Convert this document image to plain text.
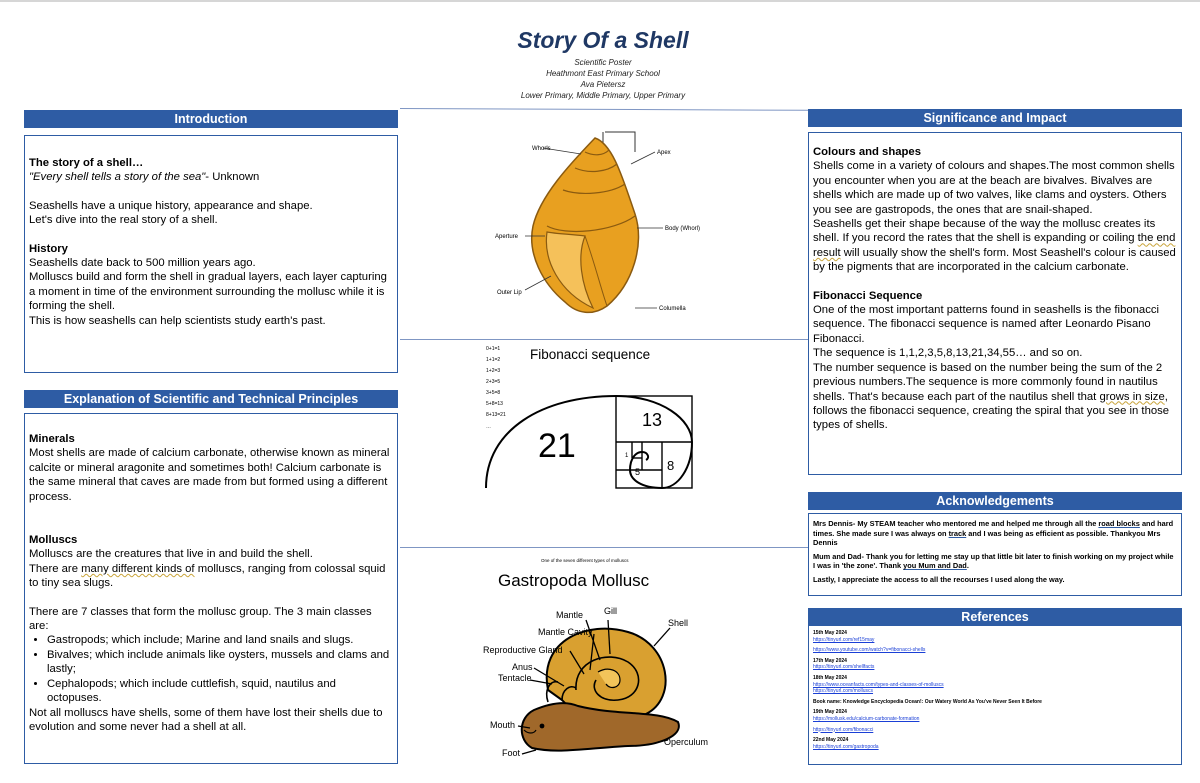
Story Of a Shell
Scientific Poster
Heathmont East Primary School
Ava Pietersz
Lower Primary, Middle Primary, Upper Primary
Introduction

The story of a shell…

"Every shell tells a story of the sea"- Unknown

Seashells have a unique history, appearance and shape.

Let's dive into the real story of a shell.

History

Seashells date back to 500 million years ago.

Molluscs build and form the shell in gradual layers, each layer capturing a moment in time of the environment surrounding the mollusc while it is forming the shell.

This is how seashells can help scientists study earth's past.

Explanation of Scientific and Technical Principles

Minerals

Most shells are made of calcium carbonate, otherwise known as mineral calcite or mineral aragonite and sometimes both! Calcium carbonate is the same mineral that caves are made from but formed using a different process.

Molluscs

Molluscs are the creatures that live in and build the shell.

There are many different kinds of molluscs, ranging from colossal squid to tiny sea slugs.

There are 7 classes that form the mollusc group. The 3 main classes are:

• Gastropods; which include; Marine and land snails and slugs.
• Bivalves; which include animals like oysters, mussels and clams and lastly;
• Cephalopods; which include cuttlefish, squid, nautilus and octopuses.

Not all molluscs have shells, some of them have lost their shells due to evolution and some never had a shell at all.

Significance and Impact

Colours and shapes

Shells come in a variety of colours and shapes.The most common shells you encounter when you are at the beach are bivalves. Bivalves are shells which are made up of two valves, like clams and oysters. Others you see are gastropods, the ones that are snail-shaped.

Seashells get their shape because of the way the mollusc creates its shell. If you record the rates that the shell is expanding or coiling the end result will usually show the shell's form. Most Seashell's colour is caused by the pigments that are incorporated in the calcium carbonate.

Fibonacci Sequence

One of the most important patterns found in seashells is the fibonacci sequence. The fibonacci sequence is named after Leonardo Pisano Fibonacci.

The sequence is 1,1,2,3,5,8,13,21,34,55… and so on.

The number sequence is based on the number being the sum of the 2 previous numbers.The sequence is more commonly found in nautilus shells. That's because each part of the nautilus shell that grows in size, follows the fibonacci sequence, creating the spiral that you see in those types of shells.

Acknowledgements

Mrs Dennis- My STEAM teacher who mentored me and helped me through all the road blocks and hard times. She made sure I was always on track and I was being as efficient as possible. Thankyou Mrs Dennis

Mum and Dad- Thank you for letting me stay up that little bit later to finish working on my project while I was in 'the zone'. Thank you Mum and Dad.

Lastly, I appreciate the access to all the recourses I used along the way.

References
15th May 2024
https://tinyurl.com/ref15may
https://www.youtube.com/watch?v=fibonacci-shells
17th May 2024
https://tinyurl.com/shellfacts
18th May 2024
https://www.oceanfacts.com/types-and-classes-of-molluscs
https://tinyurl.com/molluscs
Book name: Knowledge Encyclopedia Ocean!: Our Watery World As You've Never Seen It Before
19th May 2024
https://mollusk.edu/calcium-carbonate-formation
https://tinyurl.com/fibonacci
22nd May 2024
https://tinyurl.com/gastropoda
Whorls
Apex
Aperture
Body (Whorl)
Outer Lip
Columella
Fibonacci sequence
0+1=1
1+1=2
1+2=3
2+3=5
3+5=8
5+8=13
8+13=21
… 21
13
8
5
1
One of the seven different types of molluscs
Gastropoda Mollusc
Mantle Gill
Shell
Mantle Cavity
Reproductive Gland
Anus
Tentacle
Mouth
Foot
Operculum
